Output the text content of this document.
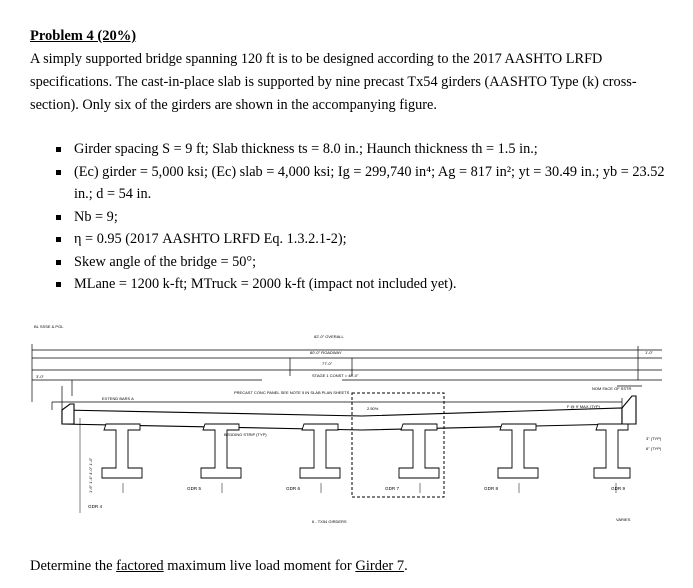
Problem 4 (20%)
A simply supported bridge spanning 120 ft is to be designed according to the 2017 AASHTO LRFD specifications. The cast-in-place slab is supported by nine precast Tx54 girders (AASHTO Type (k) cross-section). Only six of the girders are shown in the accompanying figure.
Girder spacing S = 9 ft; Slab thickness ts = 8.0 in.; Haunch thickness th = 1.5 in.;
(Ec) girder = 5,000 ksi; (Ec) slab = 4,000 ksi; Ig = 299,740 in⁴; Ag = 817 in²; yt = 30.49 in.; yb = 23.52 in.; d = 54 in.
Nb = 9;
η = 0.95 (2017 AASHTO LRFD Eq. 1.3.2.1-2);
Skew angle of the bridge = 50°;
MLane = 1200 k-ft; MTruck = 2000 k-ft (impact not included yet).
BL SSSE & PGL
82'-0" OVERALL
80'-0" ROADWAY
77'-0"
STAGE 1 CONST = 48'-0"
EXTEND BARS A
PRECAST CONC PANEL SEE NOTE 5 IN SLAB PLAN SHEETS
BEDDING STRIP (TYP)
2.50%
NOM FACE OF SSTR
F @ 9' MAX (TYP)
6 - TX54 GIRDERS	VARIES
1'-0"
3'-0"
3" (TYP)
6" (TYP)
1'-6" 1'-4" 4'-0" 1'-4"
GDR 4
GDR 5	GDR 6	GDR 7	GDR 8	GDR 9
Determine the factored maximum live load moment for Girder 7.
